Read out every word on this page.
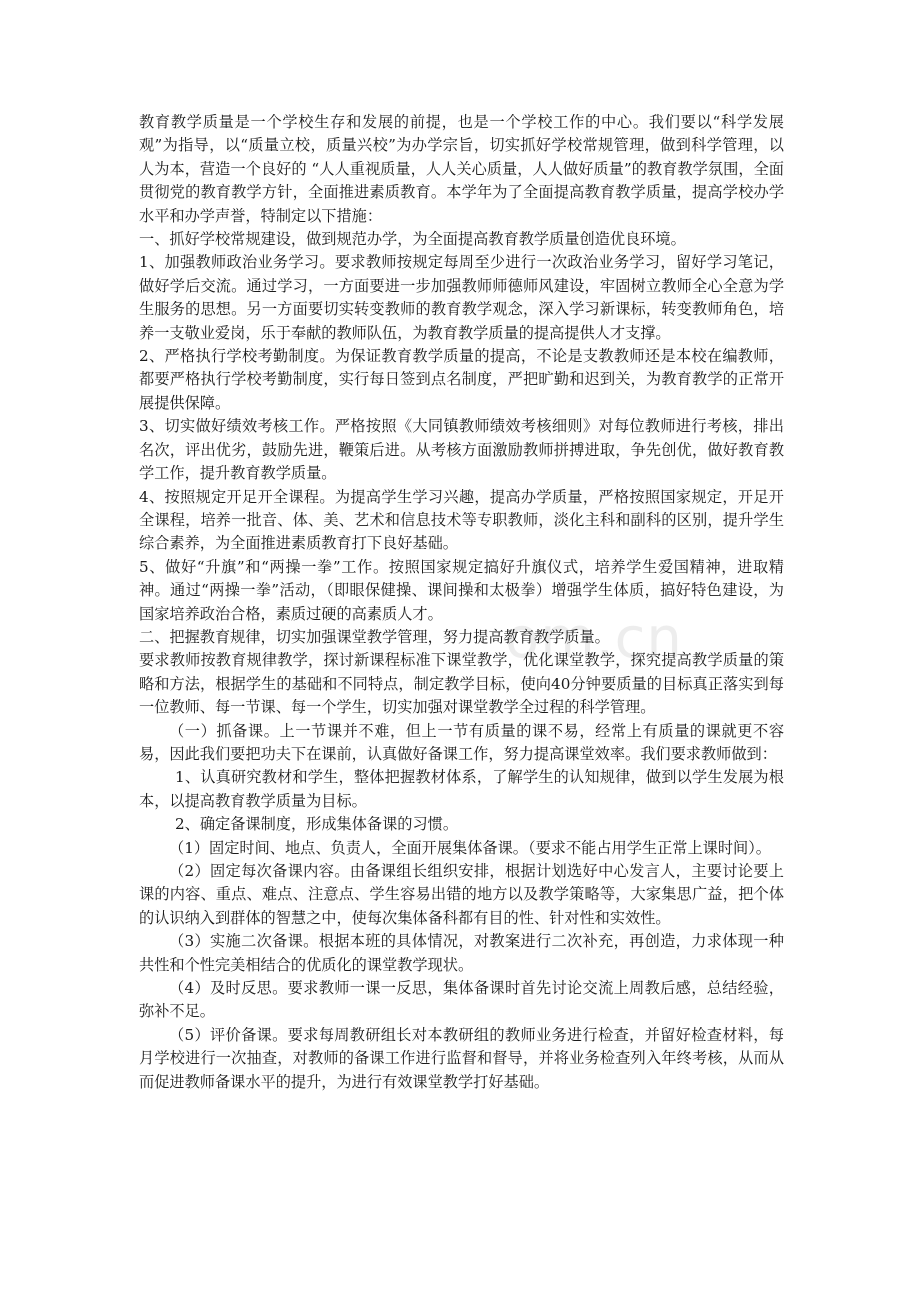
om.cn

教育教学质量是一个学校生存和发展的前提，也是一个学校工作的中心。我们要以“科学发展观”为指导，以“质量立校，质量兴校”为办学宗旨，切实抓好学校常规管理，做到科学管理，以人为本，营造一个良好的 “人人重视质量，人人关心质量，人人做好质量”的教育教学氛围，全面贯彻党的教育教学方针，全面推进素质教育。本学年为了全面提高教育教学质量，提高学校办学水平和办学声誉，特制定以下措施：

一、抓好学校常规建设，做到规范办学，为全面提高教育教学质量创造优良环境。

1、加强教师政治业务学习。要求教师按规定每周至少进行一次政治业务学习，留好学习笔记，做好学后交流。通过学习，一方面要进一步加强教师师德师风建设，牢固树立教师全心全意为学生服务的思想。另一方面要切实转变教师的教育教学观念，深入学习新课标，转变教师角色，培养一支敬业爱岗，乐于奉献的教师队伍，为教育教学质量的提高提供人才支撑。

2、严格执行学校考勤制度。为保证教育教学质量的提高，不论是支教教师还是本校在编教师，都要严格执行学校考勤制度，实行每日签到点名制度，严把旷勤和迟到关，为教育教学的正常开展提供保障。

3、切实做好绩效考核工作。严格按照《大同镇教师绩效考核细则》对每位教师进行考核，排出名次，评出优劣，鼓励先进，鞭策后进。从考核方面激励教师拼搏进取，争先创优，做好教育教学工作，提升教育教学质量。

4、按照规定开足开全课程。为提高学生学习兴趣，提高办学质量，严格按照国家规定，开足开全课程，培养一批音、体、美、艺术和信息技术等专职教师，淡化主科和副科的区别，提升学生综合素养，为全面推进素质教育打下良好基础。

5、做好“升旗”和“两操一拳”工作。按照国家规定搞好升旗仪式，培养学生爱国精神，进取精神。通过“两操一拳”活动，（即眼保健操、课间操和太极拳）增强学生体质，搞好特色建设，为国家培养政治合格，素质过硬的高素质人才。

二、把握教育规律，切实加强课堂教学管理，努力提高教育教学质量。

要求教师按教育规律教学，探讨新课程标准下课堂教学，优化课堂教学，探究提高教学质量的策略和方法，根据学生的基础和不同特点，制定教学目标，使向40分钟要质量的目标真正落实到每一位教师、每一节课、每一个学生，切实加强对课堂教学全过程的科学管理。

（一）抓备课。上一节课并不难，但上一节有质量的课不易，经常上有质量的课就更不容易，因此我们要把功夫下在课前，认真做好备课工作，努力提高课堂效率。我们要求教师做到：

1、认真研究教材和学生，整体把握教材体系，了解学生的认知规律，做到以学生发展为根本，以提高教育教学质量为目标。

2、确定备课制度，形成集体备课的习惯。

（1）固定时间、地点、负责人，全面开展集体备课。（要求不能占用学生正常上课时间）。

（2）固定每次备课内容。由备课组长组织安排，根据计划选好中心发言人，主要讨论要上课的内容、重点、难点、注意点、学生容易出错的地方以及教学策略等，大家集思广益，把个体的认识纳入到群体的智慧之中，使每次集体备科都有目的性、针对性和实效性。

（3）实施二次备课。根据本班的具体情况，对教案进行二次补充，再创造，力求体现一种共性和个性完美相结合的优质化的课堂教学现状。

（4）及时反思。要求教师一课一反思，集体备课时首先讨论交流上周教后感，总结经验，弥补不足。

（5）评价备课。要求每周教研组长对本教研组的教师业务进行检查，并留好检查材料，每月学校进行一次抽查，对教师的备课工作进行监督和督导，并将业务检查列入年终考核，从而从而促进教师备课水平的提升，为进行有效课堂教学打好基础。
